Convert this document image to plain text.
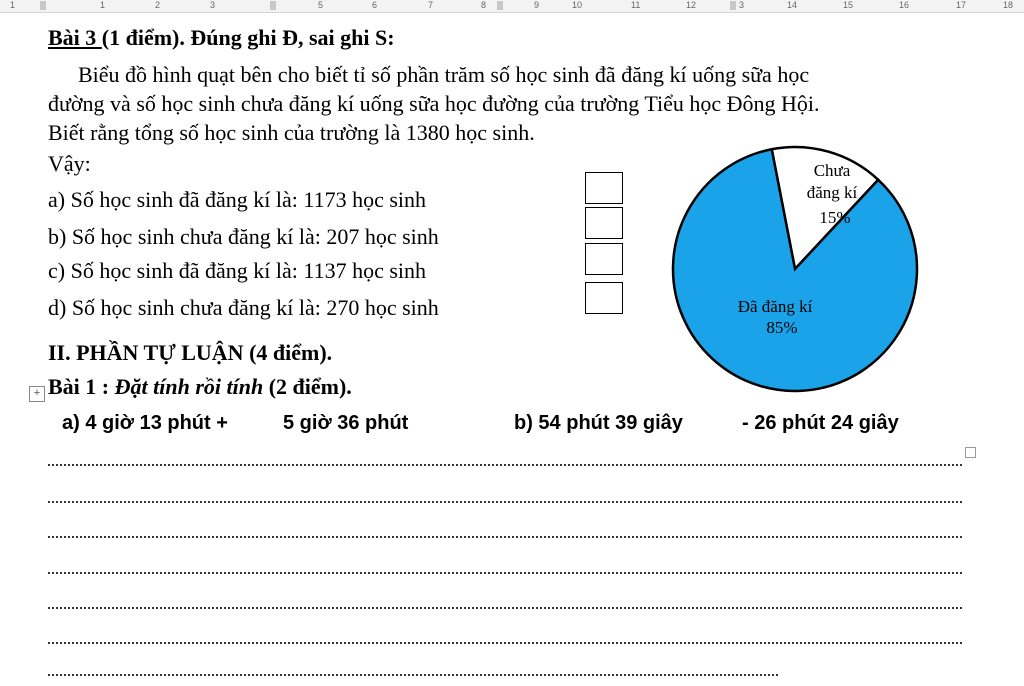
1	1	2	3	5	6	7	8	9	10	11	12	3	14	15	16	17	18
Bài 3 (1 điểm). Đúng ghi Đ, sai ghi S:
Biểu đồ hình quạt bên cho biết tỉ số phần trăm số học sinh đã đăng kí uống sữa học
đường và số học sinh chưa đăng kí uống sữa học đường của trường Tiểu học Đông Hội.
Biết rằng tổng số học sinh của trường là 1380 học sinh.
Vậy:
a) Số học sinh đã đăng kí là: 1173 học sinh
b) Số học sinh chưa đăng kí là: 207 học sinh
c) Số học sinh đã đăng kí là: 1137 học sinh
d) Số học sinh chưa đăng kí là: 270 học sinh
Chưa
đăng kí
15%
Đã đăng kí
85%
II. PHẦN TỰ LUẬN (4 điểm).
+ Bài 1 : Đặt tính rồi tính (2 điểm).
a) 4 giờ 13 phút +	5 giờ 36 phút	b) 54 phút 39 giây	- 26 phút 24 giây
